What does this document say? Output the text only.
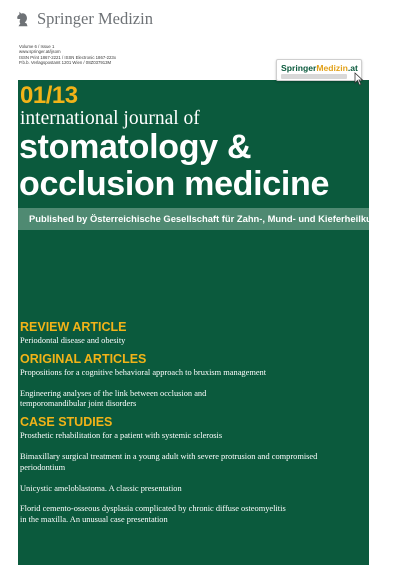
Springer Medizin
Volume 6 / Issue 1
www.springer.at/ijsom
ISSN Print 1867-2221 / ISSN Electronic 1867-223x
P.b.b. Verlagspostamt 1201 Wien / 08Z037913M
SpringerMedizin.at
01/13
international journal of
stomatology &
occlusion medicine
Published by Österreichische Gesellschaft für Zahn-, Mund- und Kieferheilkunde
REVIEW ARTICLE
Periodontal disease and obesity
ORIGINAL ARTICLES
Propositions for a cognitive behavioral approach to bruxism management
Engineering analyses of the link between occlusion and temporomandibular joint disorders
CASE STUDIES
Prosthetic rehabilitation for a patient with systemic sclerosis
Bimaxillary surgical treatment in a young adult with severe protrusion and compromised periodontium
Unicystic ameloblastoma. A classic presentation
Florid cemento-osseous dysplasia complicated by chronic diffuse osteomyelitis in the maxilla. An unusual case presentation
